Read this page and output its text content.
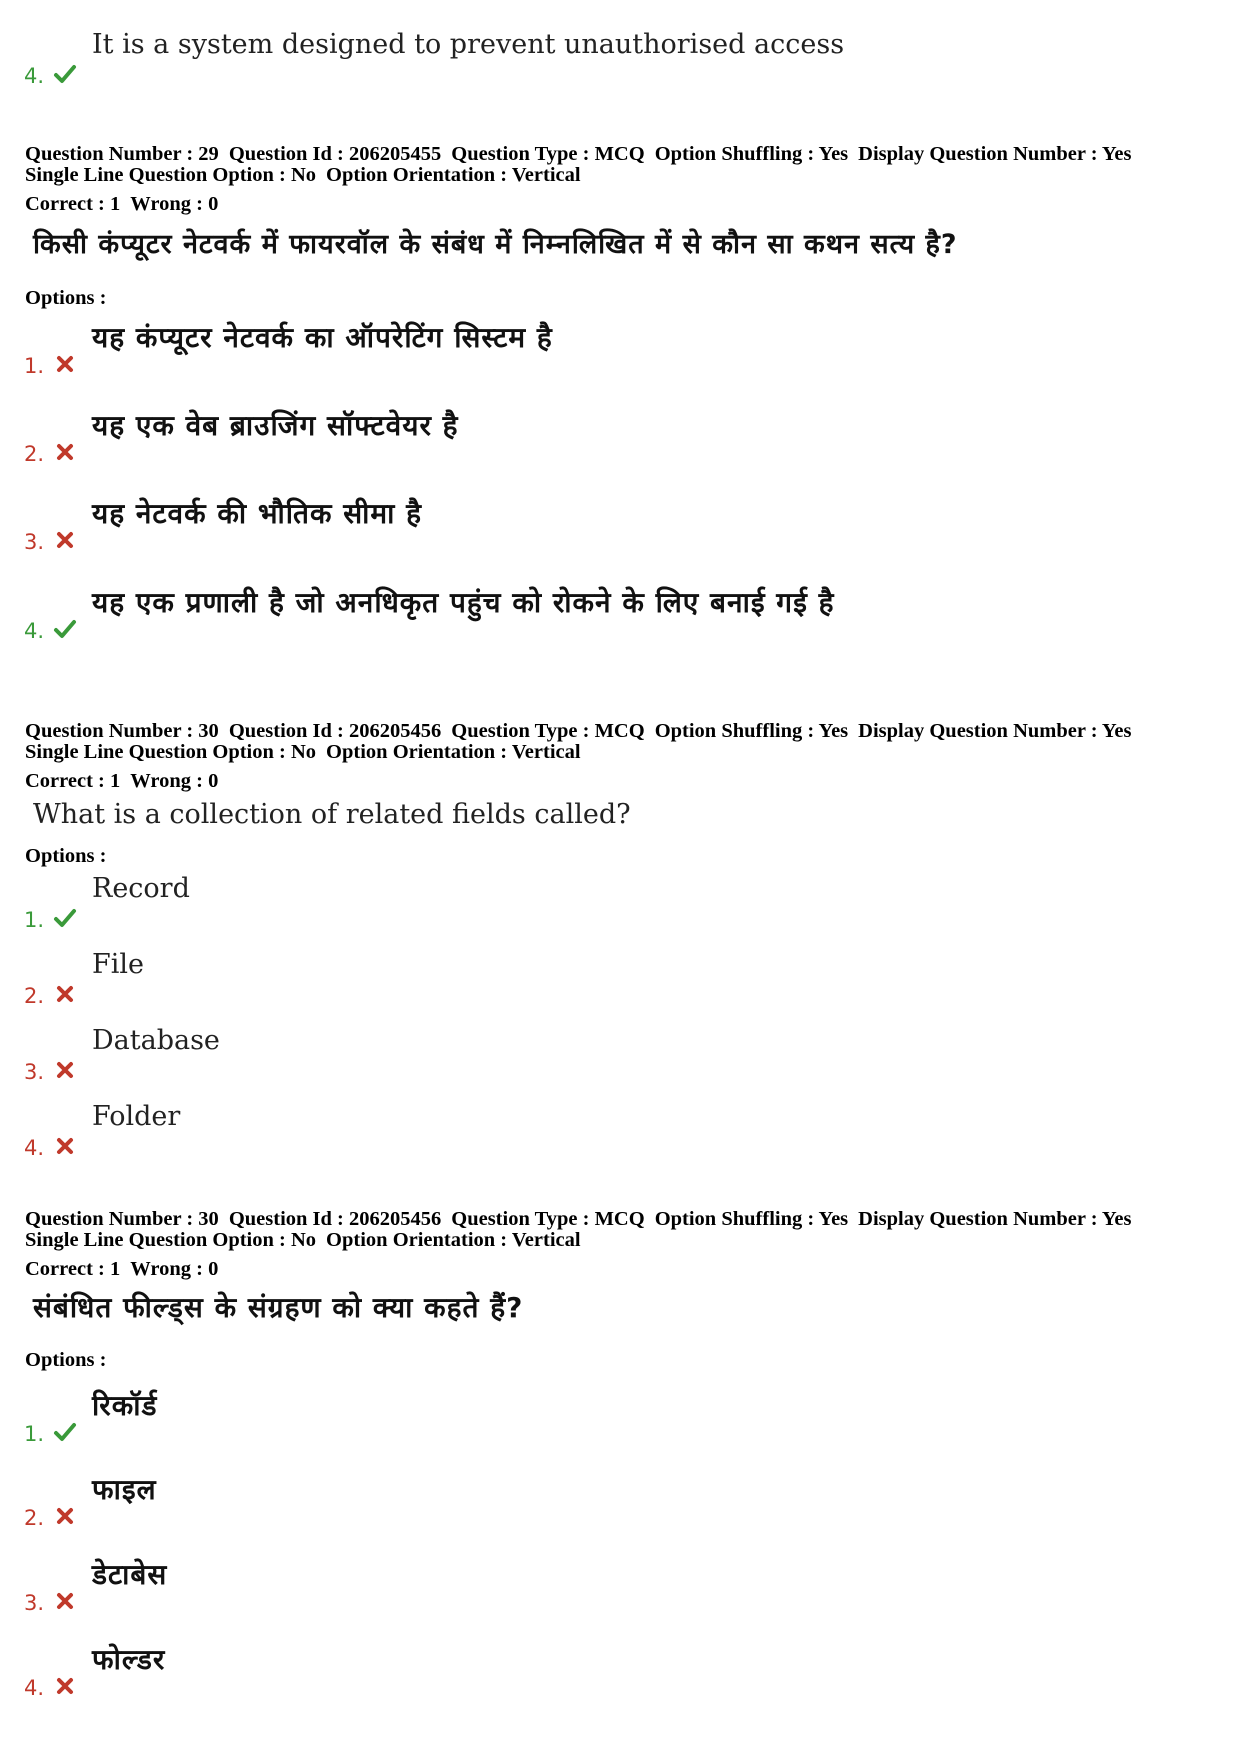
4.
It is a system designed to prevent unauthorised access
Question Number : 29 Question Id : 206205455 Question Type : MCQ Option Shuffling : Yes Display Question Number : Yes
Single Line Question Option : No Option Orientation : Vertical
Correct : 1 Wrong : 0
किसी कंप्यूटर नेटवर्क में फायरवॉल के संबंध में निम्नलिखित में से कौन सा कथन सत्य है?
Options :
1.
यह कंप्यूटर नेटवर्क का ऑपरेटिंग सिस्टम है
2.
यह एक वेब ब्राउजिंग सॉफ्टवेयर है
3.
यह नेटवर्क की भौतिक सीमा है
4.
यह एक प्रणाली है जो अनधिकृत पहुंच को रोकने के लिए बनाई गई है
Question Number : 30 Question Id : 206205456 Question Type : MCQ Option Shuffling : Yes Display Question Number : Yes
Single Line Question Option : No Option Orientation : Vertical
Correct : 1 Wrong : 0
What is a collection of related fields called?
Options :
1.
Record
2.
File
3.
Database
4.
Folder
Question Number : 30 Question Id : 206205456 Question Type : MCQ Option Shuffling : Yes Display Question Number : Yes
Single Line Question Option : No Option Orientation : Vertical
Correct : 1 Wrong : 0
संबंधित फील्ड्स के संग्रहण को क्या कहते हैं?
Options :
1.
रिकॉर्ड
2.
फाइल
3.
डेटाबेस
4.
फोल्डर
